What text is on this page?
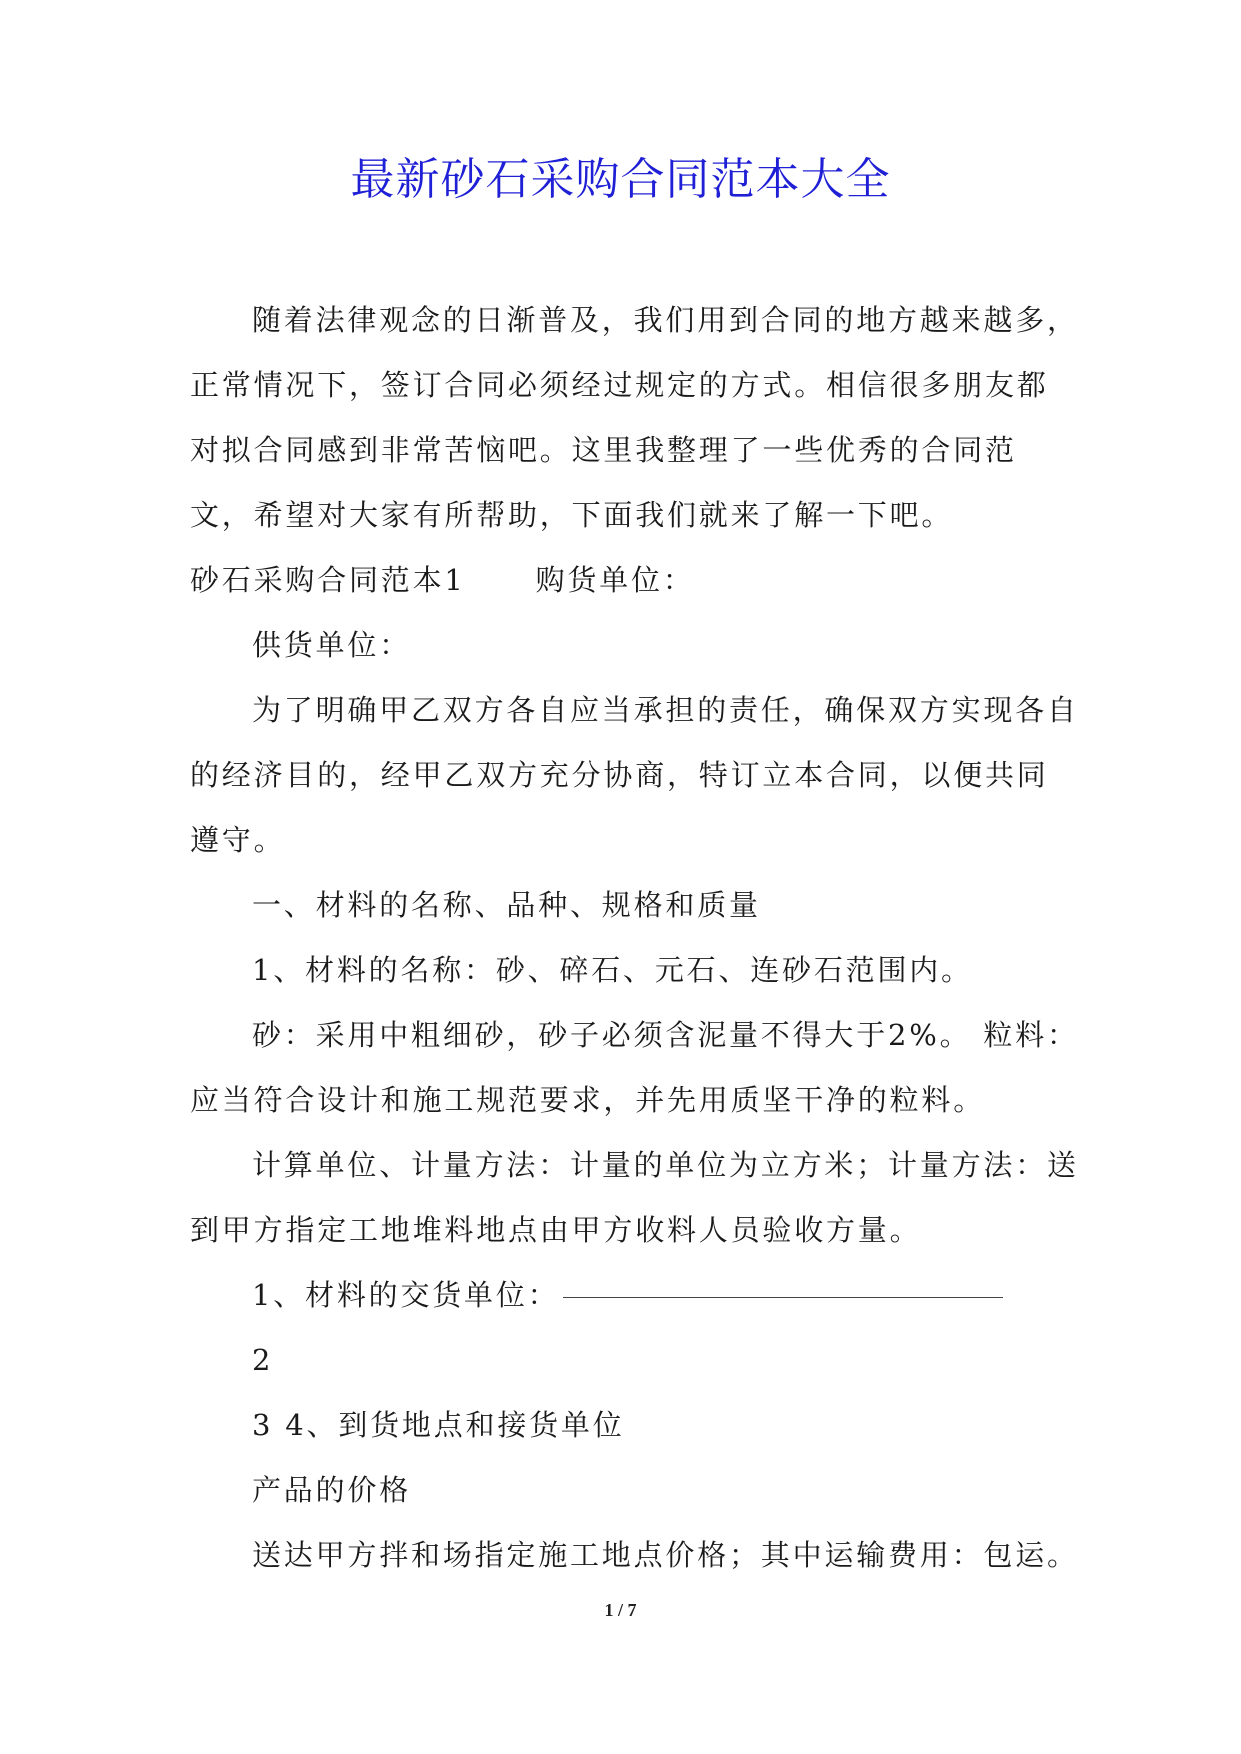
最新砂石采购合同范本大全

随着法律观念的日渐普及，我们用到合同的地方越来越多，正常情况下，签订合同必须经过规定的方式。相信很多朋友都对拟合同感到非常苦恼吧。这里我整理了一些优秀的合同范文，希望对大家有所帮助，下面我们就来了解一下吧。

砂石采购合同范本1 购货单位：

供货单位：

为了明确甲乙双方各自应当承担的责任，确保双方实现各自的经济目的，经甲乙双方充分协商，特订立本合同，以便共同遵守。

一、材料的名称、品种、规格和质量

1、材料的名称：砂、碎石、元石、连砂石范围内。

砂：采用中粗细砂，砂子必须含泥量不得大于2%。 粒料：应当符合设计和施工规范要求，并先用质坚干净的粒料。

计算单位、计量方法：计量的单位为立方米；计量方法：送到甲方指定工地堆料地点由甲方收料人员验收方量。

1、材料的交货单位：

2

3 4、到货地点和接货单位

产品的价格

送达甲方拌和场指定施工地点价格；其中运输费用：包运。

1 / 7
